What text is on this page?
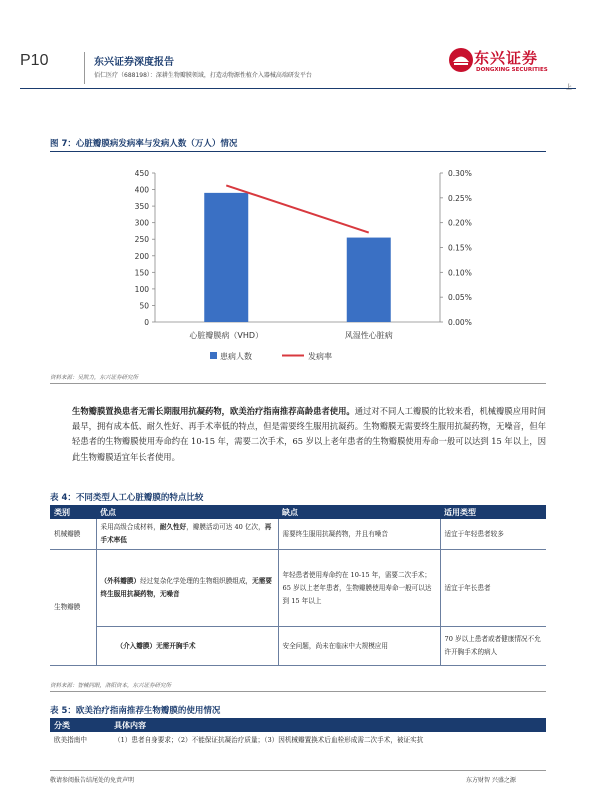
P10	东兴证券深度报告
佰仁医疗（688198）：深耕生物瓣膜领域，打造动物源性植介入器械高端研发平台
东兴证券
DONGXING SECURITIES
上
图 7：心脏瓣膜病发病率与发病人数（万人）情况
0
50
100
150
200
250
300
350
400
450
0.00%
0.05%
0.10%
0.15%
0.20%
0.25%
0.30%
心脏瓣膜病（VHD）	风湿性心脏病
患病人数	发病率
资料来源：吴凯力，东兴证券研究所
生物瓣膜置换患者无需长期服用抗凝药物，欧美治疗指南推荐高龄患者使用。通过对不同人工瓣膜的比较来看，机械瓣膜应用时间最早，拥有成本低、耐久性好、再手术率低的特点，但是需要终生服用抗凝药。生物瓣膜无需要终生服用抗凝药物，无噪音，但年轻患者的生物瓣膜使用寿命约在 10-15 年，需要二次手术，65 岁以上老年患者的生物瓣膜使用寿命一般可以达到 15 年以上，因此生物瓣膜适宜年长者使用。
表 4：不同类型人工心脏瓣膜的特点比较
类别	优点	缺点	适用类型
机械瓣膜	采用高级合成材料，耐久性好，瓣膜活动可达 40 亿次，再手术率低	需要终生服用抗凝药物，并且有噪音	适宜于年轻患者较多
生物瓣膜	（外科瓣膜）经过复杂化学处理的生物组织膜组成，无需要终生服用抗凝药物，无噪音	年轻患者使用寿命约在 10-15 年，需要二次手术；65 岁以上老年患者，生物瓣膜使用寿命一般可以达到 15 年以上	适宜于年长患者
	（介入瓣膜）无需开胸手术	安全问题，尚未在临床中大规模应用	70 岁以上患者或者健康情况不允许开胸手术的病人
资料来源：智械同眼，洛阳资本，东兴证券研究所
表 5：欧美治疗指南推荐生物瓣膜的使用情况
分类	具体内容
欧美指南中	（1）患者自身要求；（2）不能保证抗凝治疗质量；（3）因机械瓣置换术后血栓形成需二次手术，被证实抗
敬请参阅报告结尾处的免责声明	东方财智 兴盛之源
